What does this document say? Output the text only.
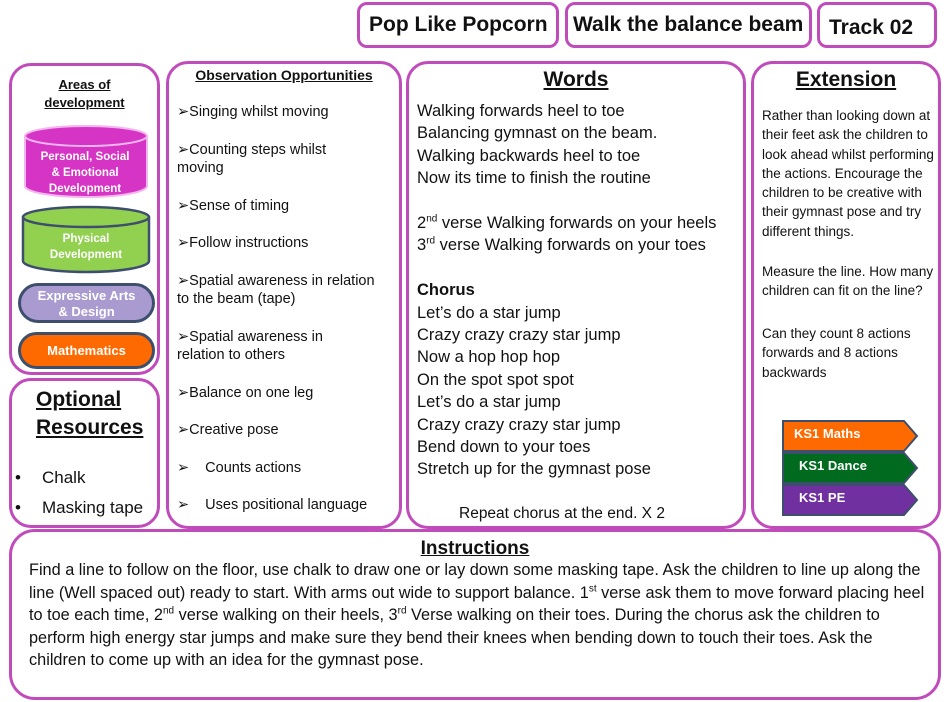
Pop Like Popcorn	Walk the balance beam	Track 02
Areas of
development
Personal, Social
& Emotional
Development
Physical
Development
Expressive Arts
& Design
Mathematics
Optional
Resources
• Chalk
• Masking tape
Observation Opportunities
➢Singing whilst moving
➢Counting steps whilst moving
➢Sense of timing
➢Follow instructions
➢Spatial awareness in relation to the beam (tape)
➢Spatial awareness in relation to others
➢Balance on one leg
➢Creative pose
➢ Counts actions
➢ Uses positional language
Words
Walking forwards heel to toe
Balancing gymnast on the beam.
Walking backwards heel to toe
Now its time to finish the routine
2nd verse Walking forwards on your heels
3rd verse Walking forwards on your toes
Chorus
Let’s do a star jump
Crazy crazy crazy star jump
Now a hop hop hop
On the spot spot spot
Let’s do a star jump
Crazy crazy crazy star jump
Bend down to your toes
Stretch up for the gymnast pose
Repeat chorus at the end. X 2
Extension
Rather than looking down at their feet ask the children to look ahead whilst performing the actions. Encourage the children to be creative with their gymnast pose and try different things.
Measure the line. How many children can fit on the line?
Can they count 8 actions forwards and 8 actions backwards
KS1 Maths
KS1 Dance
KS1 PE
Instructions
Find a line to follow on the floor, use chalk to draw one or lay down some masking tape. Ask the children to line up along the line (Well spaced out) ready to start. With arms out wide to support balance. 1st verse ask them to move forward placing heel to toe each time, 2nd verse walking on their heels, 3rd Verse walking on their toes. During the chorus ask the children to perform high energy star jumps and make sure they bend their knees when bending down to touch their toes. Ask the children to come up with an idea for the gymnast pose.
